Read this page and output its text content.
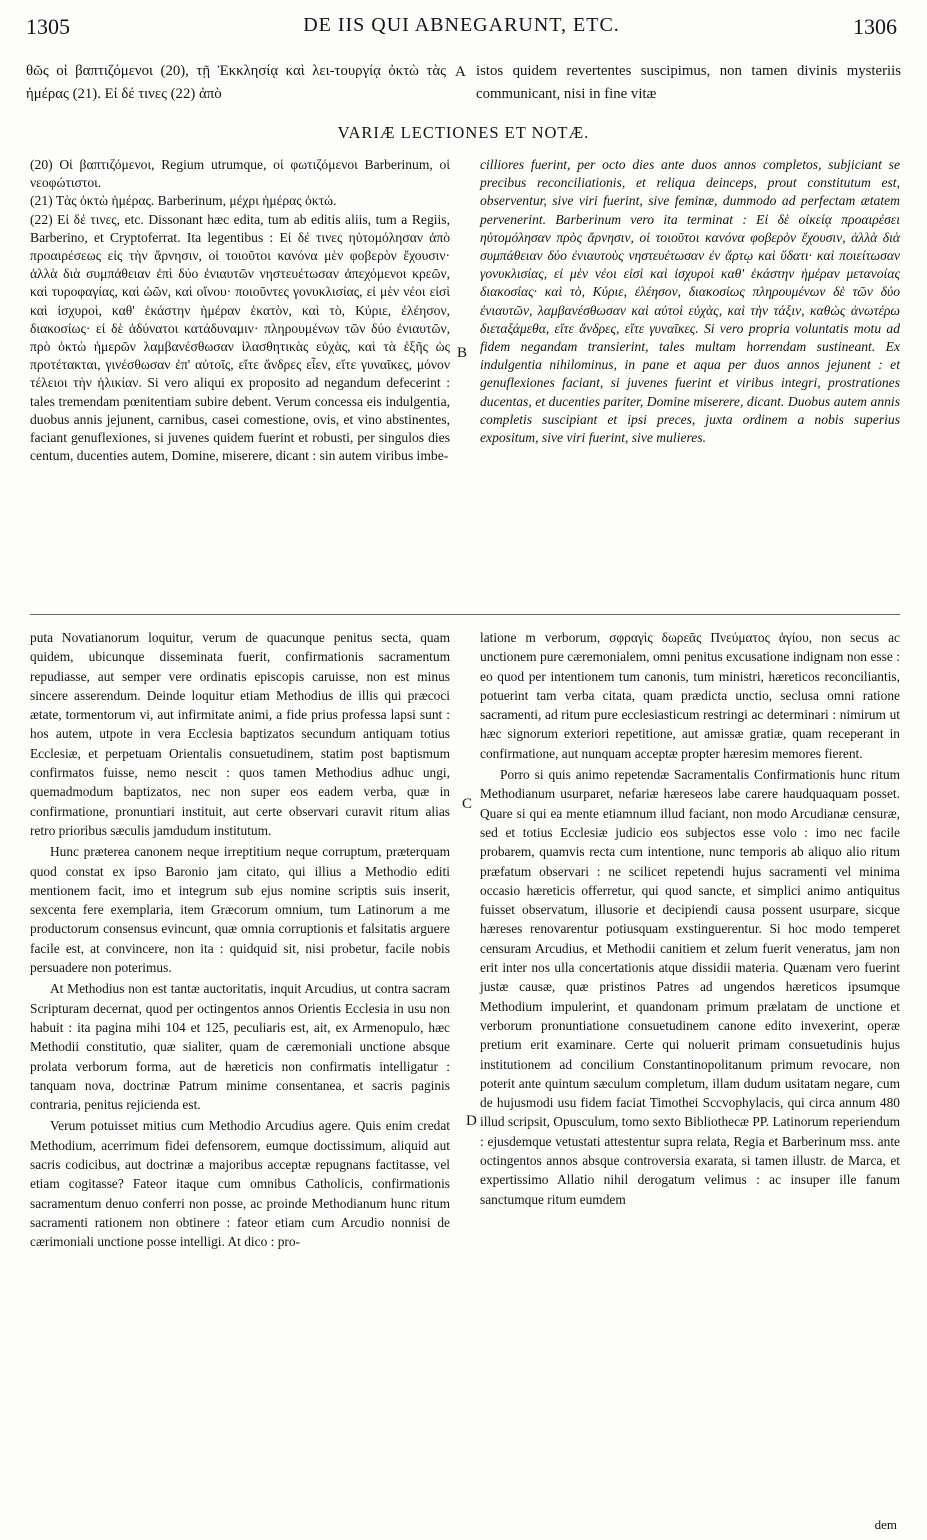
1305	DE IIS QUI ABNEGARUNT, ETC.	1306
θῶς οἱ βαπτιζόμενοι (20), τῇ Ἐκκλησίᾳ καὶ λει-τουργίᾳ ὀκτὼ τὰς ἡμέρας (21). Εἰ δέ τινες (22) ἀπὸ
istos quidem revertentes suscipimus, non tamen divinis mysteriis communicant, nisi in fine vitæ
A
VARIÆ LECTIONES ET NOTÆ.

(20) Οἱ βαπτιζόμενοι, Regium utrumque, οἱ φωτιζόμενοι Barberinum, οἱ νεοφώτιστοι.

(21) Τὰς ὀκτὼ ἡμέρας. Barberinum, μέχρι ἡμέρας ὀκτώ.

(22) Εἰ δέ τινες, etc. Dissonant hæc edita, tum ab editis aliis, tum a Regiis, Barberino, et Cryptoferrat. Ita legentibus : Εἰ δέ τινες ηὐτομόλησαν ἀπὸ προαιρέσεως εἰς τὴν ἄρνησιν, οἱ τοιοῦτοι κανόνα μὲν φοβερὸν ἔχουσιν· ἀλλὰ διὰ συμπάθειαν ἐπὶ δύο ἐνιαυτῶν νηστευέτωσαν ἀπεχόμενοι κρεῶν, καὶ τυροφαγίας, καὶ ὠῶν, καὶ οἴνου· ποιοῦντες γονυκλισίας, εἰ μὲν νέοι εἰσὶ καὶ ἰσχυροὶ, καθ' ἑκάστην ἡμέραν ἑκατὸν, καὶ τὸ, Κύριε, ἐλέησον, διακοσίως· εἰ δὲ ἀδύνατοι κατάδυναμιν· πληρουμένων τῶν δύο ἐνιαυτῶν, πρὸ ὀκτὼ ἡμερῶν λαμβανέσθωσαν ἱλασθητικὰς εὐχὰς, καὶ τὰ ἑξῆς ὡς προτέτακται, γινέσθωσαν ἐπ' αὐτοῖς, εἴτε ἄνδρες εἶεν, εἴτε γυναῖκες, μόνον τέλειοι τὴν ἡλικίαν. Si vero aliqui ex proposito ad negandum defecerint : tales tremendam pœnitentiam subire debent. Verum concessa eis indulgentia, duobus annis jejunent, carnibus, casei comestione, ovis, et vino abstinentes, faciant genuflexiones, si juvenes quidem fuerint et robusti, per singulos dies centum, ducenties autem, Domine, miserere, dicant : sin autem viribus imbe-

B

cilliores fuerint, per octo dies ante duos annos completos, subjiciant se precibus reconciliationis, et reliqua deinceps, prout constitutum est, observentur, sive viri fuerint, sive feminæ, dummodo ad perfectam ætatem pervenerint. Barberinum vero ita terminat : Εἰ δὲ οἰκείᾳ προαιρέσει ηὐτομόλησαν πρὸς ἄρνησιν, οἱ τοιοῦτοι κανόνα φοβερὸν ἔχουσιν, ἀλλὰ διὰ συμπάθειαν δύο ἐνιαυτοὺς νηστευέτωσαν ἐν ἄρτῳ καὶ ὕδατι· καὶ ποιείτωσαν γονυκλισίας, εἰ μὲν νέοι εἰσὶ καὶ ἰσχυροὶ καθ' ἑκάστην ἡμέραν μετανοίας διακοσίας· καὶ τὸ, Κύριε, ἐλέησον, διακοσίως πληρουμένων δὲ τῶν δύο ἐνιαυτῶν, λαμβανέσθωσαν καὶ αὐτοὶ εὐχὰς, καὶ τὴν τάξιν, καθὼς ἀνωτέρω διεταξάμεθα, εἴτε ἄνδρες, εἴτε γυναῖκες. Si vero propria voluntatis motu ad fidem negandam transierint, tales multam horrendam sustineant. Ex indulgentia nihilominus, in pane et aqua per duos annos jejunent : et genuflexiones faciant, si juvenes fuerint et viribus integri, prostrationes ducentas, et ducenties pariter, Domine miserere, dicant. Duobus autem annis completis suscipiant et ipsi preces, juxta ordinem a nobis superius expositum, sive viri fuerint, sive mulieres.

puta Novatianorum loquitur, verum de quacunque penitus secta, quam quidem, ubicunque disseminata fuerit, confirmationis sacramentum repudiasse, aut semper vere ordinatis episcopis caruisse, non est minus sincere asserendum. Deinde loquitur etiam Methodius de illis qui præcoci ætate, tormentorum vi, aut infirmitate animi, a fide prius professa lapsi sunt : hos autem, utpote in vera Ecclesia baptizatos secundum antiquam totius Ecclesiæ, et perpetuam Orientalis consuetudinem, statim post baptismum confirmatos fuisse, nemo nescit : quos tamen Methodius adhuc ungi, quemadmodum baptizatos, nec non super eos eadem verba, quæ in confirmatione, pronuntiari instituit, aut certe observari curavit ritum alias retro prioribus sæculis jamdudum institutum.

Hunc præterea canonem neque irreptitium neque corruptum, præterquam quod constat ex ipso Baronio jam citato, qui illius a Methodio editi mentionem facit, imo et integrum sub ejus nomine scriptis suis inserit, sexcenta fere exemplaria, item Græcorum omnium, tum Latinorum a me productorum consensus evincunt, quæ omnia corruptionis et falsitatis arguere facile est, at convincere, non ita : quidquid sit, nisi probetur, facile nobis persuadere non poterimus.

At Methodius non est tantæ auctoritatis, inquit Arcudius, ut contra sacram Scripturam decernat, quod per octingentos annos Orientis Ecclesia in usu non habuit : ita pagina mihi 104 et 125, peculiaris est, ait, ex Armenopulo, hæc Methodii constitutio, quæ sialiter, quam de cæremoniali unctione absque prolata verborum forma, aut de hæreticis non confirmatis intelligatur : tanquam nova, doctrinæ Patrum minime consentanea, et sacris paginis contraria, penitus rejicienda est.

Verum potuisset mitius cum Methodio Arcudius agere. Quis enim credat Methodium, acerrimum fidei defensorem, eumque doctissimum, aliquid aut sacris codicibus, aut doctrinæ a majoribus acceptæ repugnans factitasse, vel etiam cogitasse? Fateor itaque cum omnibus Catholicis, confirmationis sacramentum denuo conferri non posse, ac proinde Methodianum hunc ritum sacramenti rationem non obtinere : fateor etiam cum Arcudio nonnisi de cærimoniali unctione posse intelligi. At dico : pro-

C
D

latione m verborum, σφραγὶς δωρεᾶς Πνεύματος ἁγίου, non secus ac unctionem pure cæremonialem, omni penitus excusatione indignam non esse : eo quod per intentionem tum canonis, tum ministri, hæreticos reconciliantis, potuerint tam verba citata, quam prædicta unctio, seclusa omni ratione sacramenti, ad ritum pure ecclesiasticum restringi ac determinari : nimirum ut hæc signorum exteriori repetitione, aut amissæ gratiæ, quam receperant in confirmatione, aut nunquam acceptæ propter hæresim memores fierent.

Porro si quis animo repetendæ Sacramentalis Confirmationis hunc ritum Methodianum usurparet, nefariæ hæreseos labe carere haudquaquam posset. Quare si qui ea mente etiamnum illud faciant, non modo Arcudianæ censuræ, sed et totius Ecclesiæ judicio eos subjectos esse volo : imo nec facile probarem, quamvis recta cum intentione, nunc temporis ab aliquo alio ritum præfatum observari : ne scilicet repetendi hujus sacramenti vel minima occasio hæreticis offerretur, qui quod sancte, et simplici animo antiquitus fuisset observatum, illusorie et decipiendi causa possent usurpare, sicque hæreses renovarentur potiusquam exstinguerentur. Si hoc modo temperet censuram Arcudius, et Methodii canitiem et zelum fuerit veneratus, jam non erit inter nos ulla concertationis atque dissidii materia. Quænam vero fuerint justæ causæ, quæ pristinos Patres ad ungendos hæreticos ipsumque Methodium impulerint, et quandonam primum prælatam de unctione et verborum pronuntiatione consuetudinem canone edito invexerint, operæ pretium erit examinare. Certe qui noluerit primam consuetudinis hujus institutionem ad concilium Constantinopolitanum primum revocare, non poterit ante quintum sæculum completum, illam dudum usitatam negare, cum de hujusmodi usu fidem faciat Timothei Sccvophylacis, qui circa annum 480 illud scripsit, Opusculum, tomo sexto Bibliothecæ PP. Latinorum reperiendum : ejusdemque vetustati attestentur supra relata, Regia et Barberinum mss. ante octingentos annos absque controversia exarata, si tamen illustr. de Marca, et expertissimo Allatio nihil derogatum velimus : ac insuper ille fanum sanctumque ritum eumdem

dem
